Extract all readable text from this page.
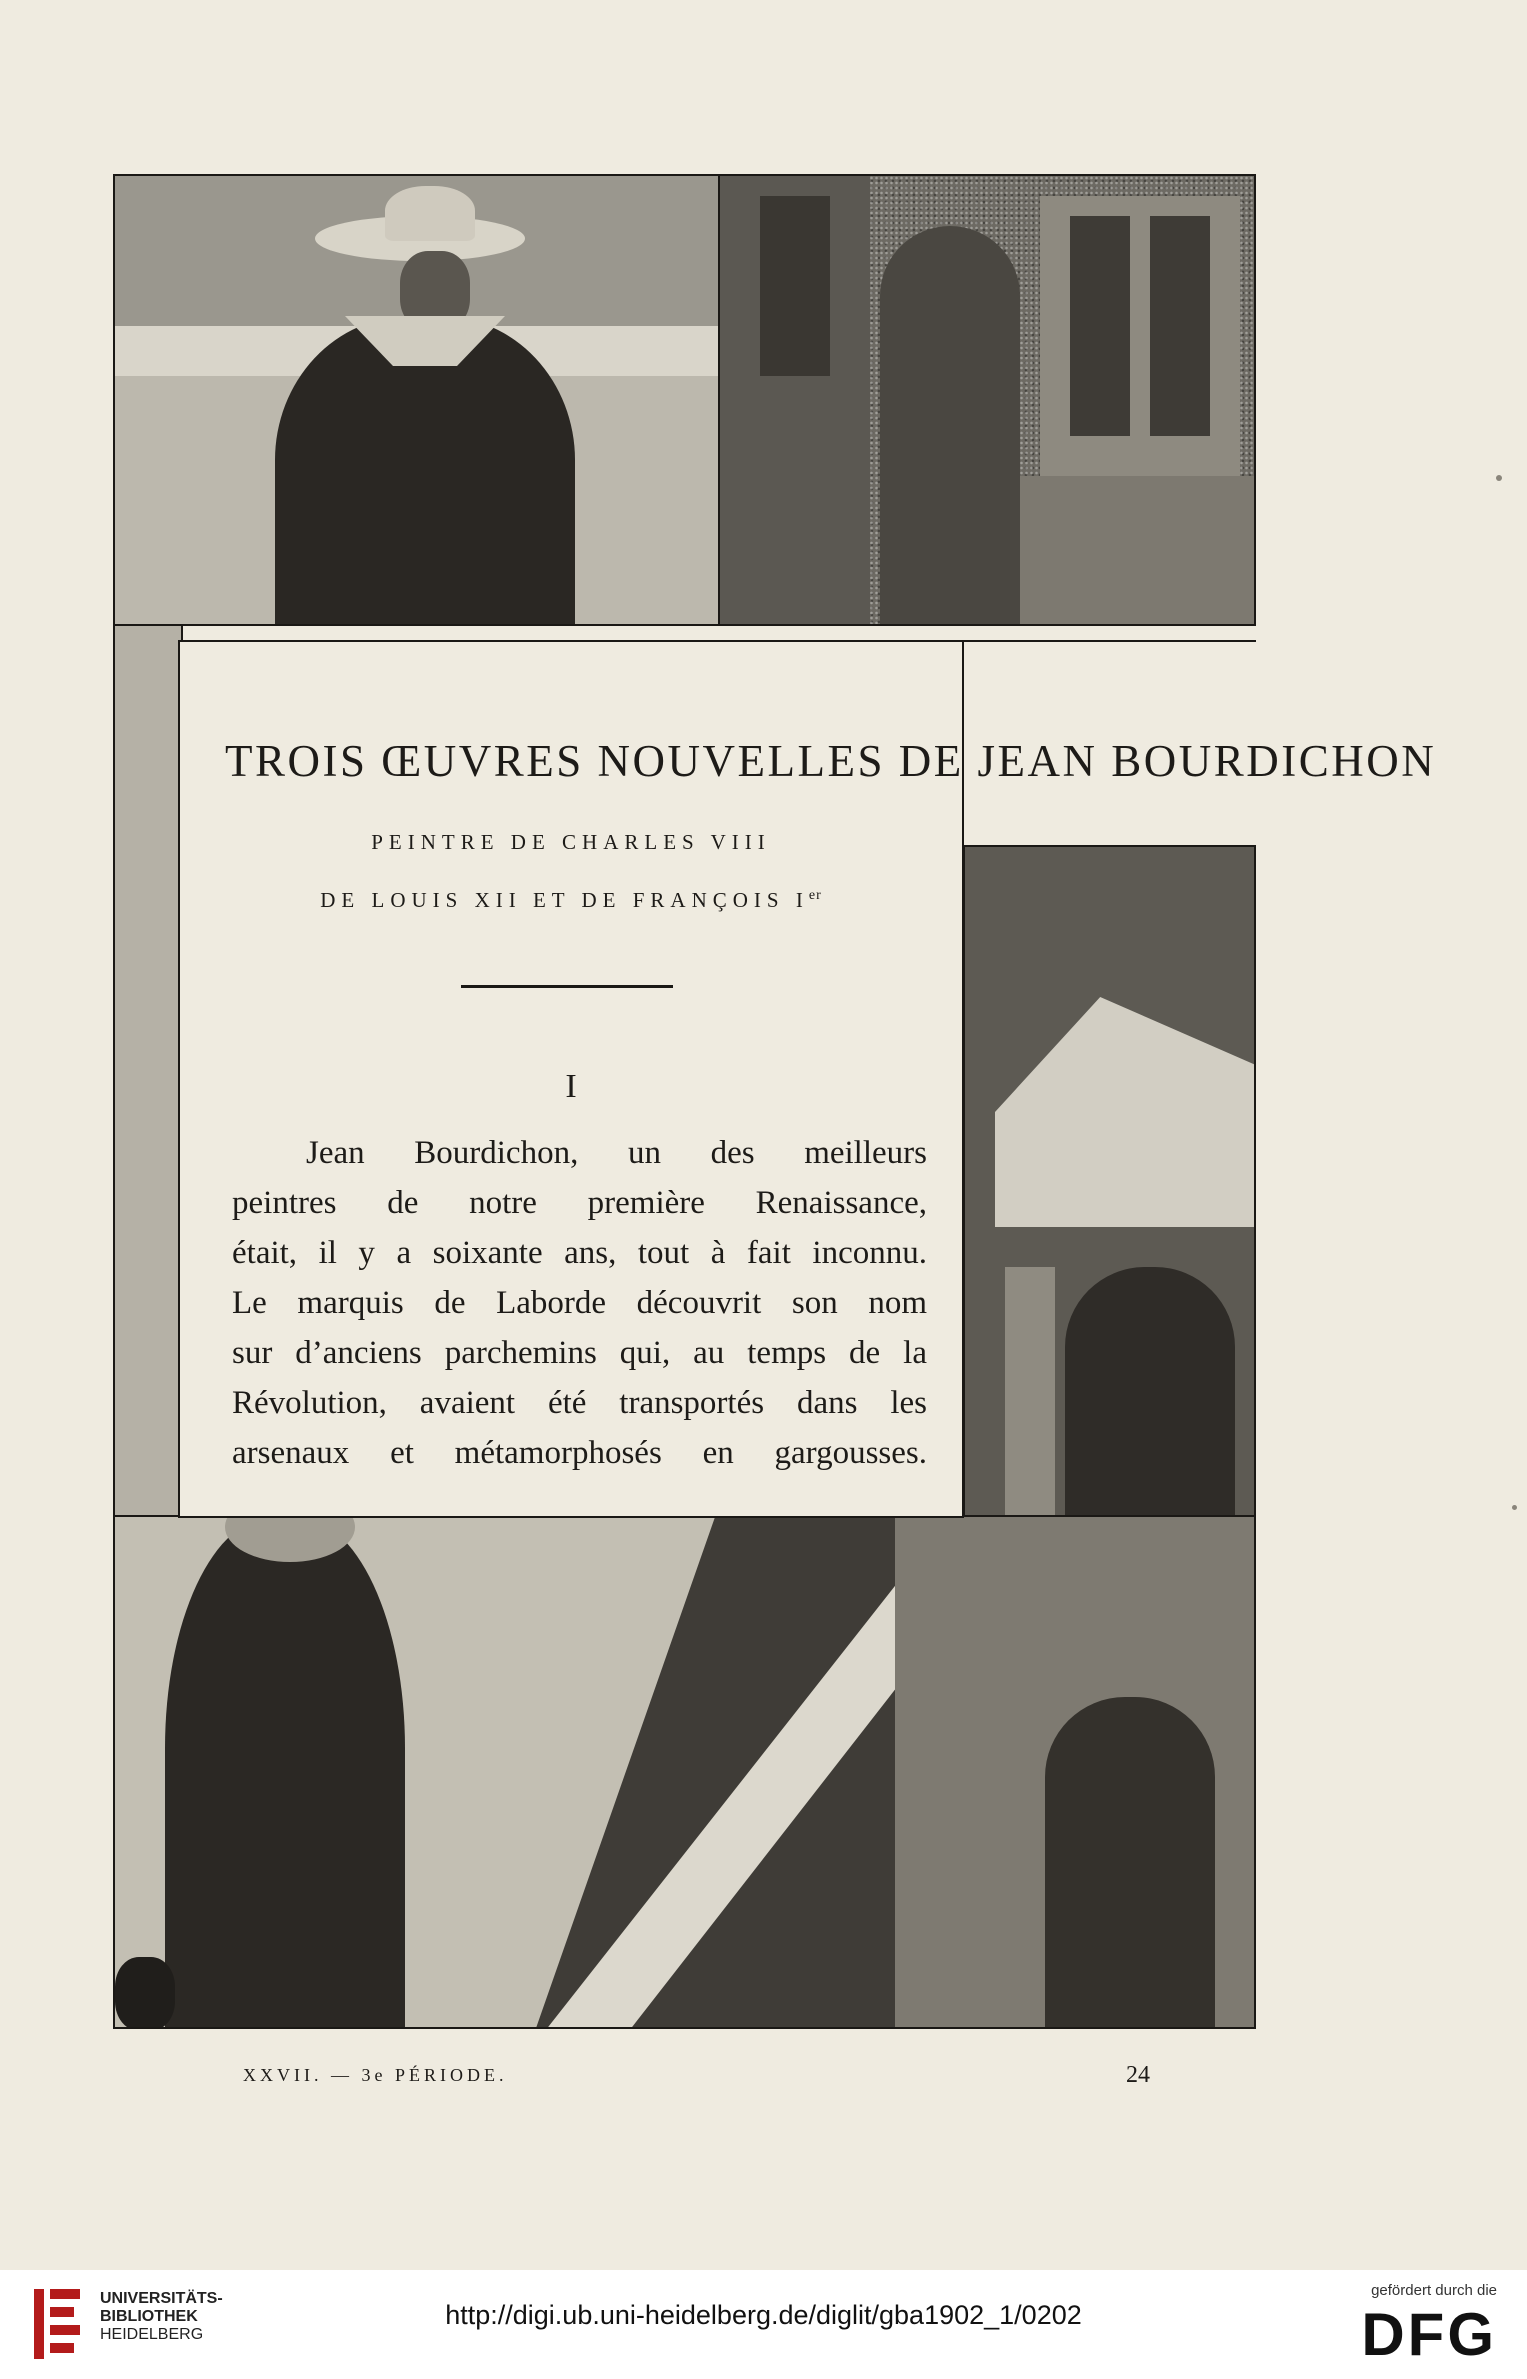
TROIS ŒUVRES NOUVELLES DE JEAN BOURDICHON
PEINTRE DE CHARLES VIII
DE LOUIS XII ET DE FRANÇOIS Ier
I
Jean Bourdichon, un des meilleurs
peintres de notre première Renaissance,
était, il y a soixante ans, tout à fait inconnu.
Le marquis de Laborde découvrit son nom
sur d’anciens parchemins qui, au temps de la
Révolution, avaient été transportés dans les
arsenaux et métamorphosés en gargousses.
XXVII. — 3e PÉRIODE.	24
UNIVERSITÄTS-
BIBLIOTHEK
HEIDELBERG
http://digi.ub.uni-heidelberg.de/diglit/gba1902_1/0202
gefördert durch die
DFG
